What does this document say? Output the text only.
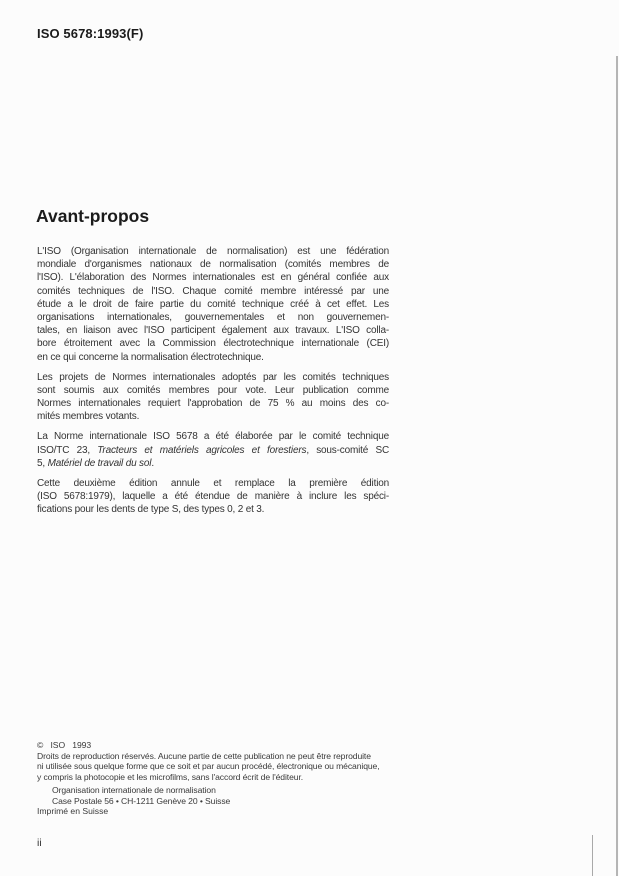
ISO 5678:1993(F)
Avant-propos
L'ISO (Organisation internationale de normalisation) est une fédération
mondiale d'organismes nationaux de normalisation (comités membres de
l'ISO). L'élaboration des Normes internationales est en général confiée aux
comités techniques de l'ISO. Chaque comité membre intéressé par une
étude a le droit de faire partie du comité technique créé à cet effet. Les
organisations internationales, gouvernementales et non gouvernemen-
tales, en liaison avec l'ISO participent également aux travaux. L'ISO colla-
bore étroitement avec la Commission électrotechnique internationale (CEI)
en ce qui concerne la normalisation électrotechnique.
Les projets de Normes internationales adoptés par les comités techniques
sont soumis aux comités membres pour vote. Leur publication comme
Normes internationales requiert l'approbation de 75 % au moins des co-
mités membres votants.
La Norme internationale ISO 5678 a été élaborée par le comité technique
ISO/TC 23, Tracteurs et matériels agricoles et forestiers, sous-comité SC
5, Matériel de travail du sol.
Cette deuxième édition annule et remplace la première édition
(ISO 5678:1979), laquelle a été étendue de manière à inclure les spéci-
fications pour les dents de type S, des types 0, 2 et 3.
© ISO 1993
Droits de reproduction réservés. Aucune partie de cette publication ne peut être reproduite
ni utilisée sous quelque forme que ce soit et par aucun procédé, électronique ou mécanique,
y compris la photocopie et les microfilms, sans l'accord écrit de l'éditeur.
Organisation internationale de normalisation
Case Postale 56 • CH-1211 Genève 20 • Suisse
Imprimé en Suisse
ii
